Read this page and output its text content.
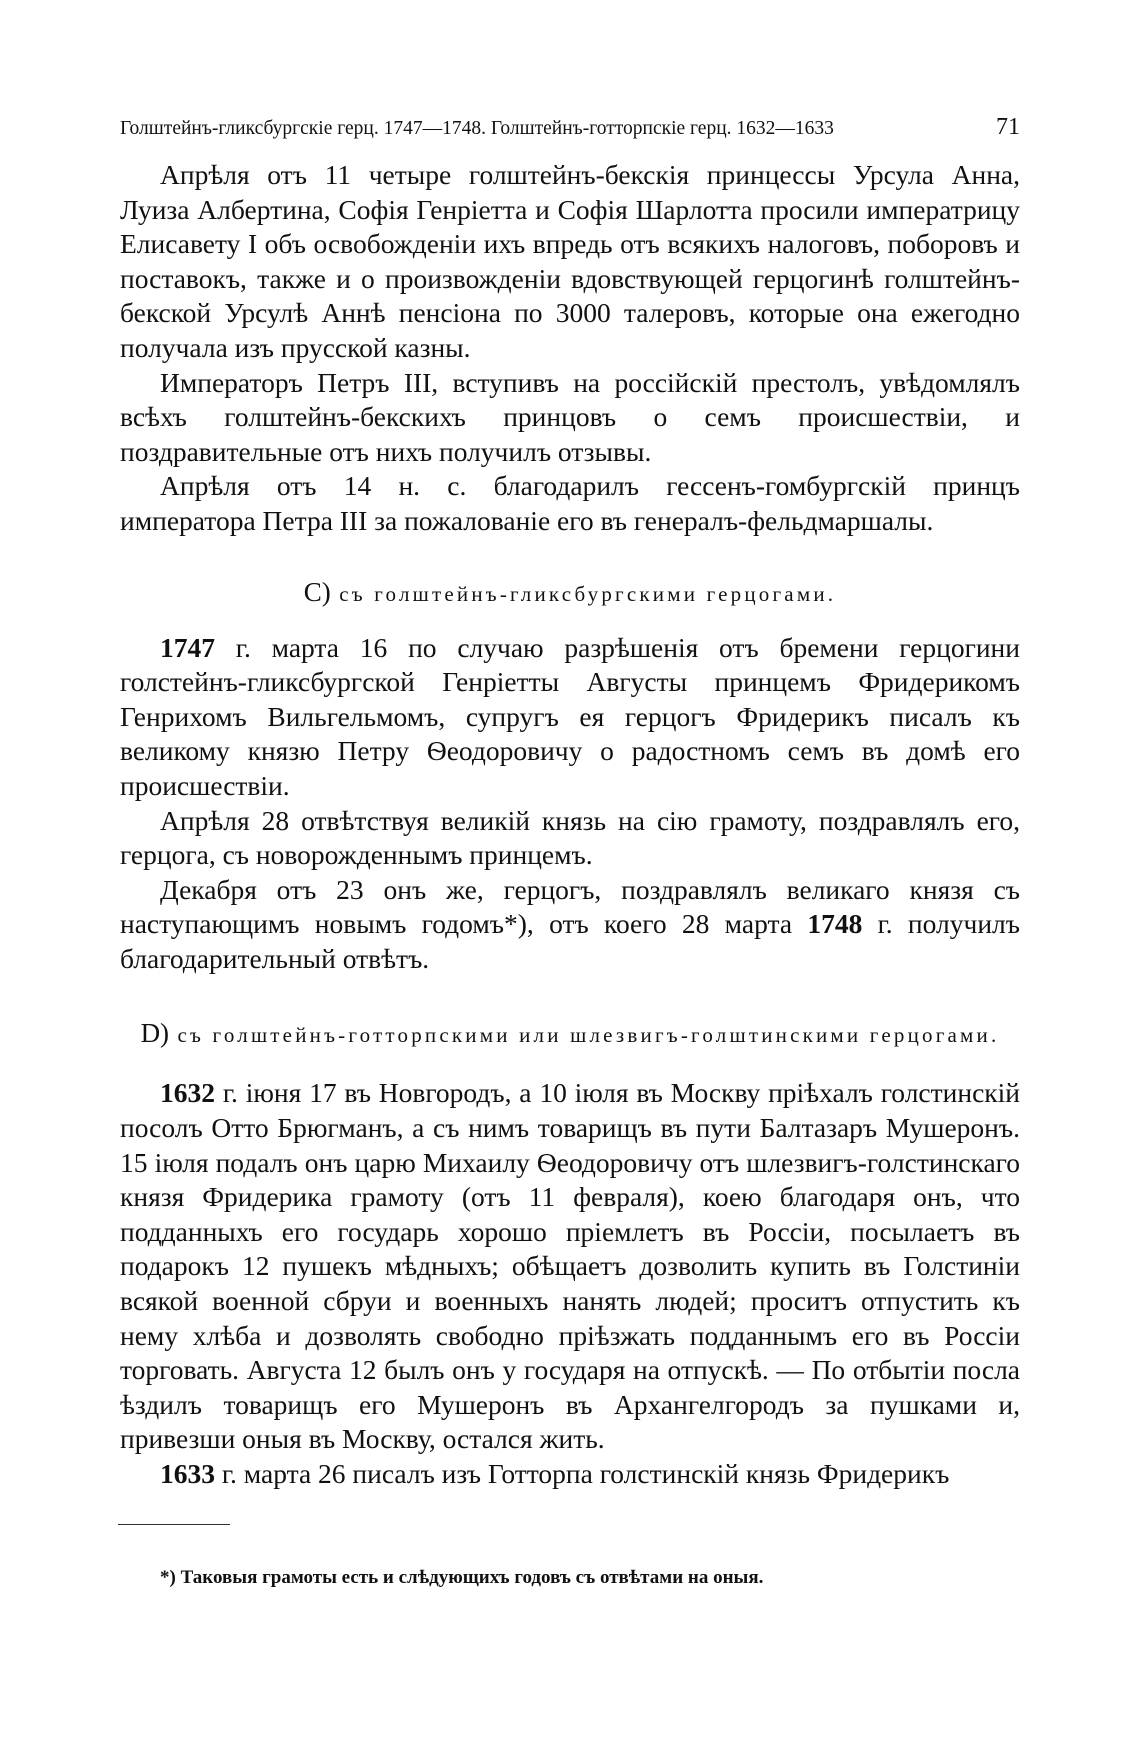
Голштейнъ-гликсбургскіе герц. 1747—1748. Голштейнъ-готторпскіе герц. 1632—1633	71

Апрѣля отъ 11 четыре голштейнъ-бекскія принцессы Урсула Анна, Луиза Албертина, Софія Генріетта и Софія Шарлотта просили императрицу Елисавету I объ освобожденіи ихъ впредь отъ всякихъ налоговъ, поборовъ и поставокъ, также и о произвожденіи вдовствующей герцогинѣ голштейнъ-бекской Урсулѣ Аннѣ пенсіона по 3000 талеровъ, которые она ежегодно получала изъ прусской казны.

Императоръ Петръ III, вступивъ на россійскій престолъ, увѣдомлялъ всѣхъ голштейнъ-бекскихъ принцовъ о семъ происшествіи, и поздравительные отъ нихъ получилъ отзывы.

Апрѣля отъ 14 н. с. благодарилъ гессенъ-гомбургскій принцъ императора Петра III за пожалованіе его въ генералъ-фельдмаршалы.

C) съ голштейнъ-гликсбургскими герцогами.

1747 г. марта 16 по случаю разрѣшенія отъ бремени герцогини голстейнъ-гликсбургской Генріетты Августы принцемъ Фридерикомъ Генрихомъ Вильгельмомъ, супругъ ея герцогъ Фридерикъ писалъ къ великому князю Петру Ѳеодоровичу о радостномъ семъ въ домѣ его происшествіи.

Апрѣля 28 отвѣтствуя великій князь на сію грамоту, поздравлялъ его, герцога, съ новорожденнымъ принцемъ.

Декабря отъ 23 онъ же, герцогъ, поздравлялъ великаго князя съ наступающимъ новымъ годомъ*), отъ коего 28 марта 1748 г. получилъ благодарительный отвѣтъ.

D) съ голштейнъ-готторпскими или шлезвигъ-голштинскими герцогами.

1632 г. іюня 17 въ Новгородъ, а 10 іюля въ Москву пріѣхалъ голстинскій посолъ Отто Брюгманъ, а съ нимъ товарищъ въ пути Балтазаръ Мушеронъ. 15 іюля подалъ онъ царю Михаилу Ѳеодоровичу отъ шлезвигъ-голстинскаго князя Фридерика грамоту (отъ 11 февраля), коею благодаря онъ, что подданныхъ его государь хорошо пріемлетъ въ Россіи, посылаетъ въ подарокъ 12 пушекъ мѣдныхъ; обѣщаетъ дозволить купить въ Голстиніи всякой военной сбруи и военныхъ нанять людей; проситъ отпустить къ нему хлѣба и дозволять свободно пріѣзжать подданнымъ его въ Россіи торговать. Августа 12 былъ онъ у государя на отпускѣ. — По отбытіи посла ѣздилъ товарищъ его Мушеронъ въ Архангелгородъ за пушками и, привезши оныя въ Москву, остался жить.

1633 г. марта 26 писалъ изъ Готторпа голстинскій князь Фридерикъ

*) Таковыя грамоты есть и слѣдующихъ годовъ съ отвѣтами на оныя.
